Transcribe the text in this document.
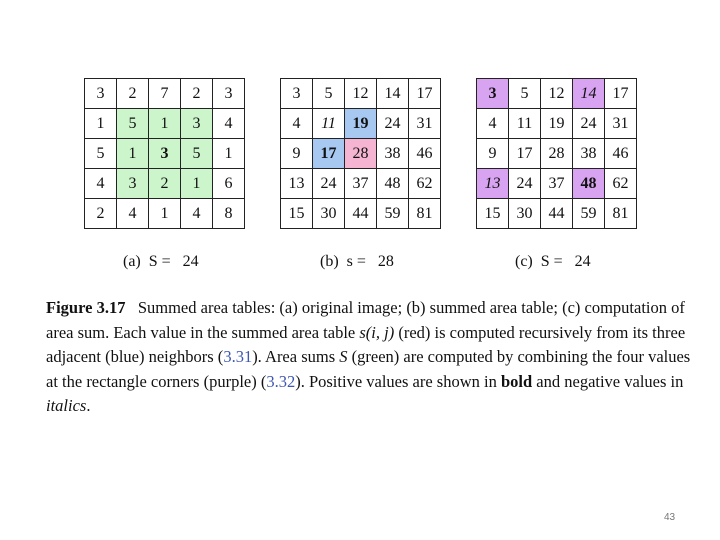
3	2	7	2	3
1	5	1	3	4
5	1	3	5	1
4	3	2	1	6
2	4	1	4	8
3	5	12	14	17
4	11	19	24	31
9	17	28	38	46
13	24	37	48	62
15	30	44	59	81
3	5	12	14	17
4	11	19	24	31
9	17	28	38	46
13	24	37	48	62
15	30	44	59	81
(a)  S =   24	(b)  s =   28	(c)  S =   24
Figure 3.17 Summed area tables: (a) original image; (b) summed area table; (c) computation of area sum. Each value in the summed area table s(i, j) (red) is computed recursively from its three adjacent (blue) neighbors (3.31). Area sums S (green) are computed by combining the four values at the rectangle corners (purple) (3.32). Positive values are shown in bold and negative values in italics.
43
